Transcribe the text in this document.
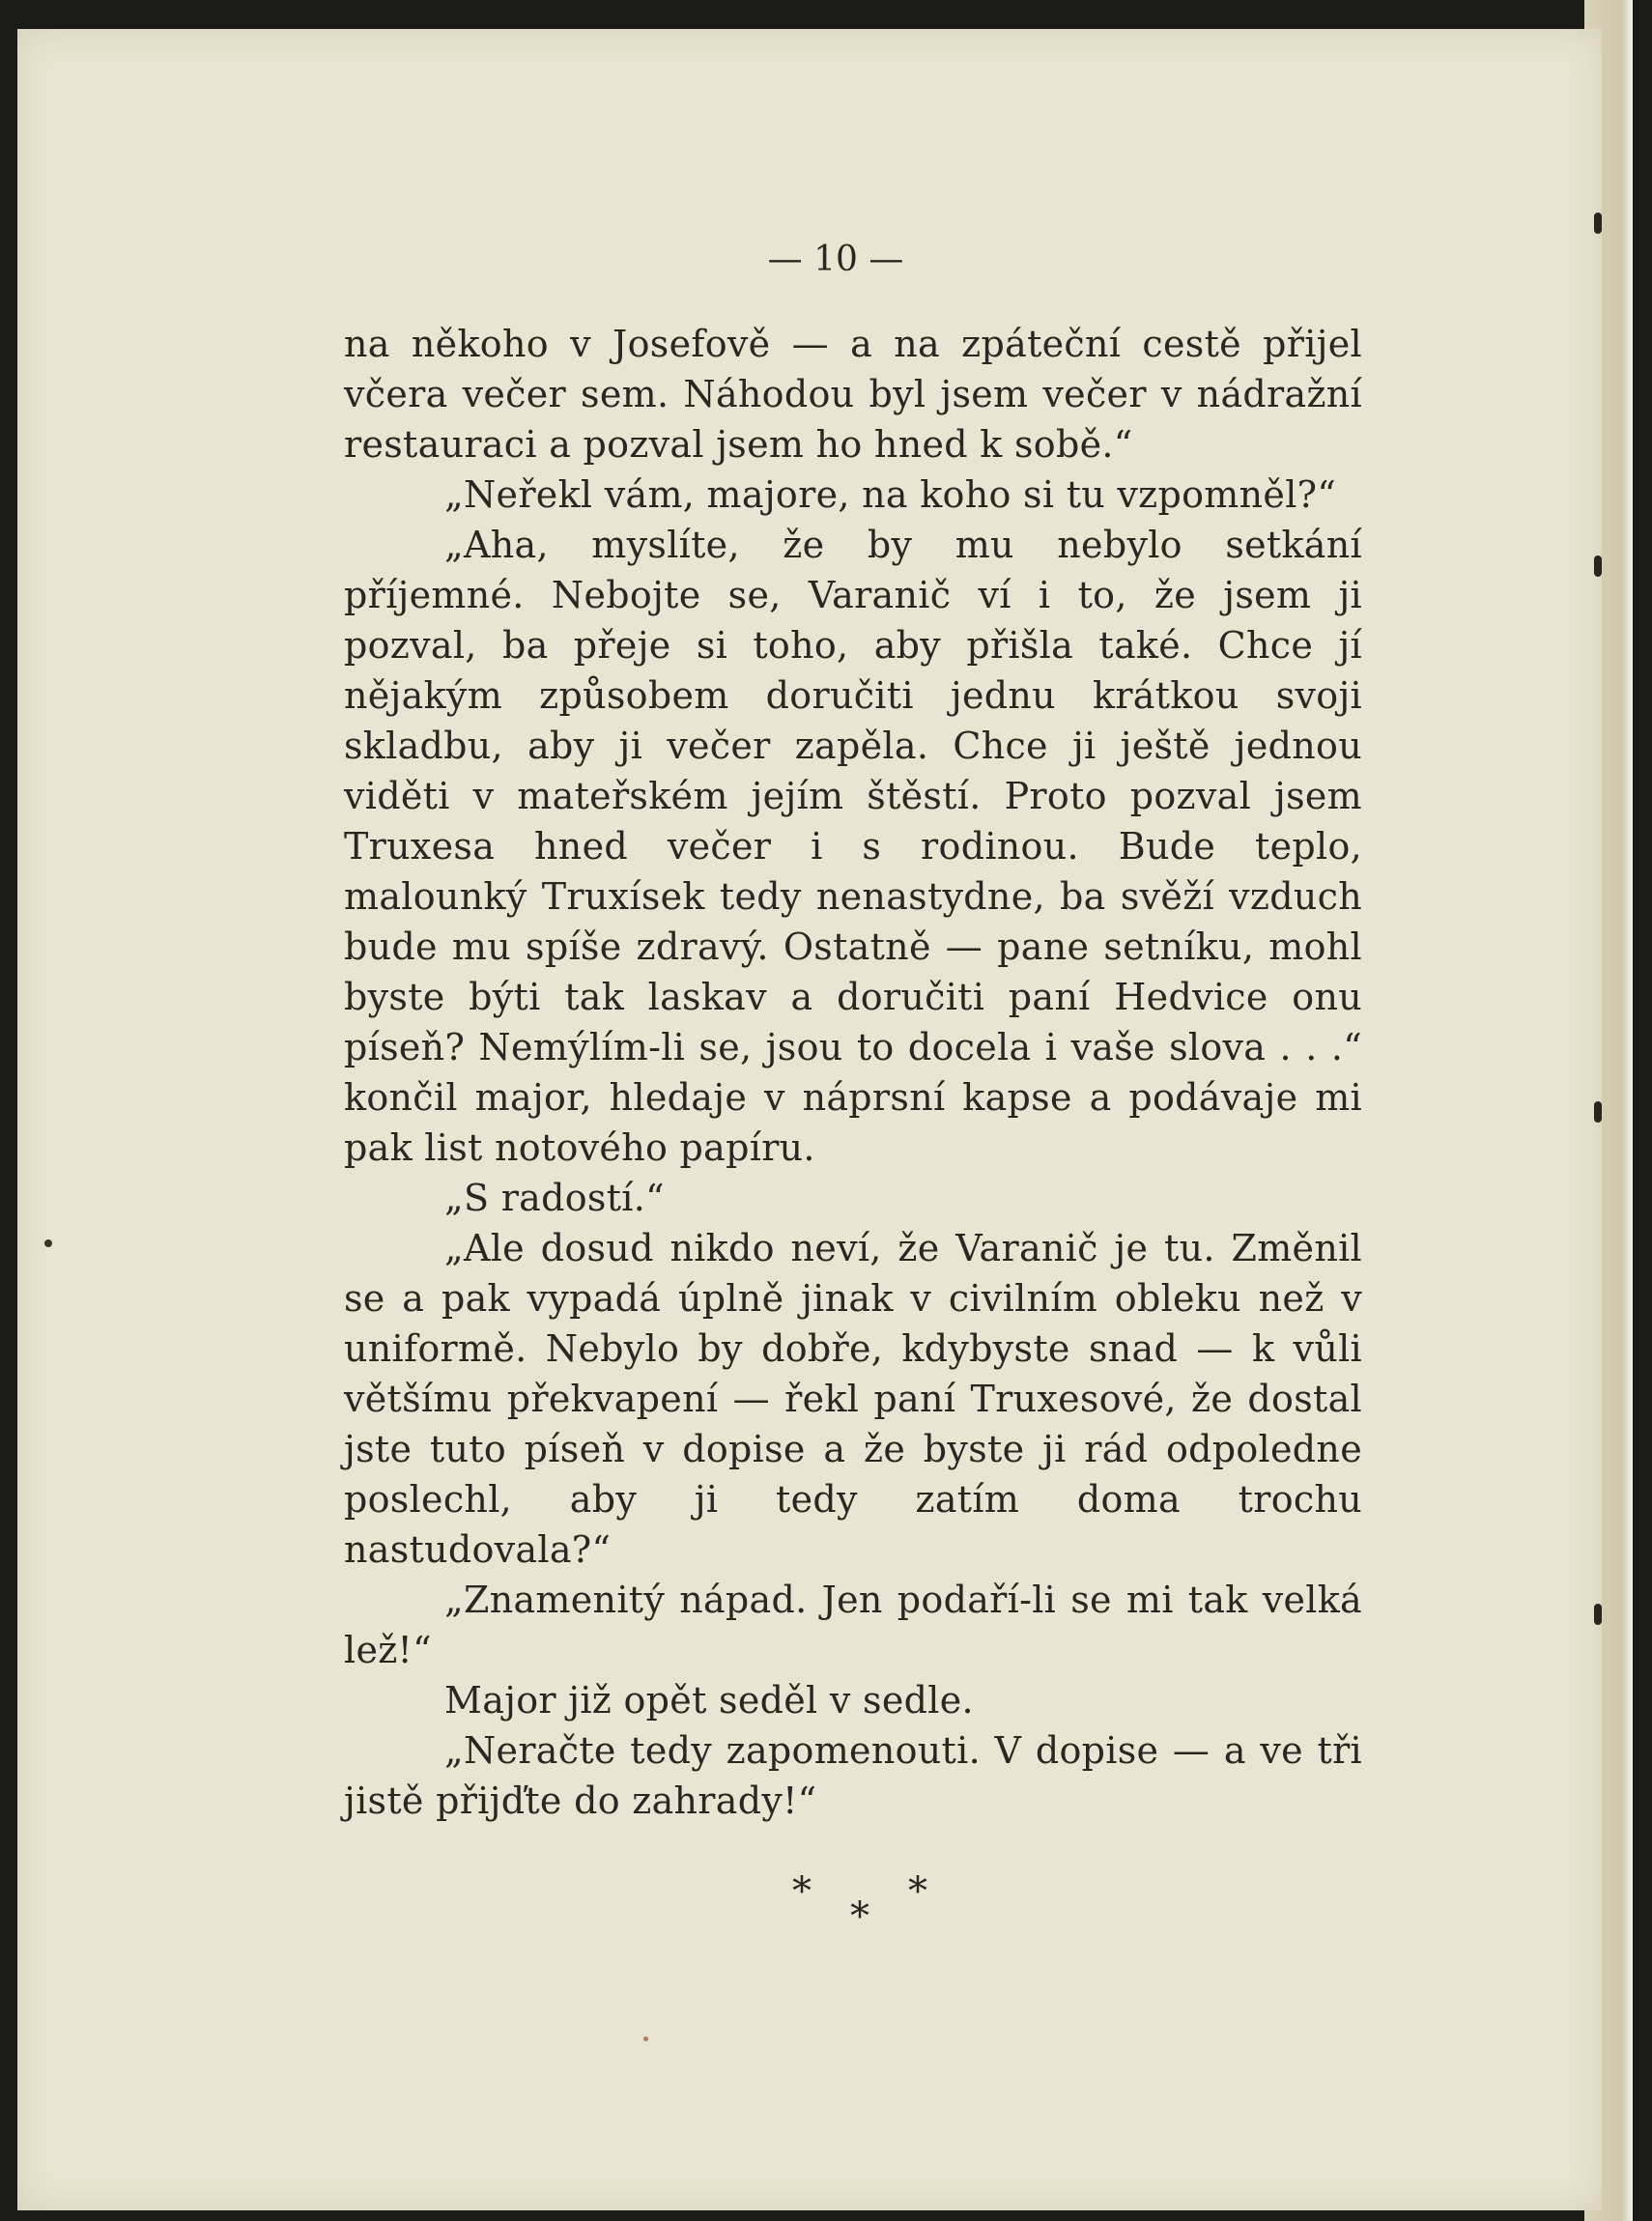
— 10 —

na někoho v Josefově — a na zpáteční cestě přijel včera večer sem. Náhodou byl jsem večer v nádražní restauraci a pozval jsem ho hned k sobě.“

„Neřekl vám, majore, na koho si tu vzpomněl?“

„Aha, myslíte, že by mu nebylo setkání příjemné. Nebojte se, Varanič ví i to, že jsem ji pozval, ba přeje si toho, aby přišla také. Chce jí nějakým způsobem doručiti jednu krátkou svoji skladbu, aby ji večer zapěla. Chce ji ještě jednou viděti v mateřském jejím štěstí. Proto pozval jsem Truxesa hned večer i s rodinou. Bude teplo, malounký Truxísek tedy nenastydne, ba svěží vzduch bude mu spíše zdravý. Ostatně — pane setníku, mohl byste býti tak laskav a doručiti paní Hedvice onu píseň? Nemýlím-li se, jsou to docela i vaše slova . . .“ končil major, hledaje v náprsní kapse a podávaje mi pak list notového papíru.

„S radostí.“

„Ale dosud nikdo neví, že Varanič je tu. Změnil se a pak vypadá úplně jinak v civilním obleku než v uniformě. Nebylo by dobře, kdybyste snad — k vůli většímu překvapení — řekl paní Truxesové, že dostal jste tuto píseň v dopise a že byste ji rád odpoledne poslechl, aby ji tedy zatím doma trochu nastudovala?“

„Znamenitý nápad. Jen podaří-li se mi tak velká lež!“

Major již opět seděl v sedle.

„Neračte tedy zapomenouti. V dopise — a ve tři jistě přijďte do zahrady!“

*
*
*
